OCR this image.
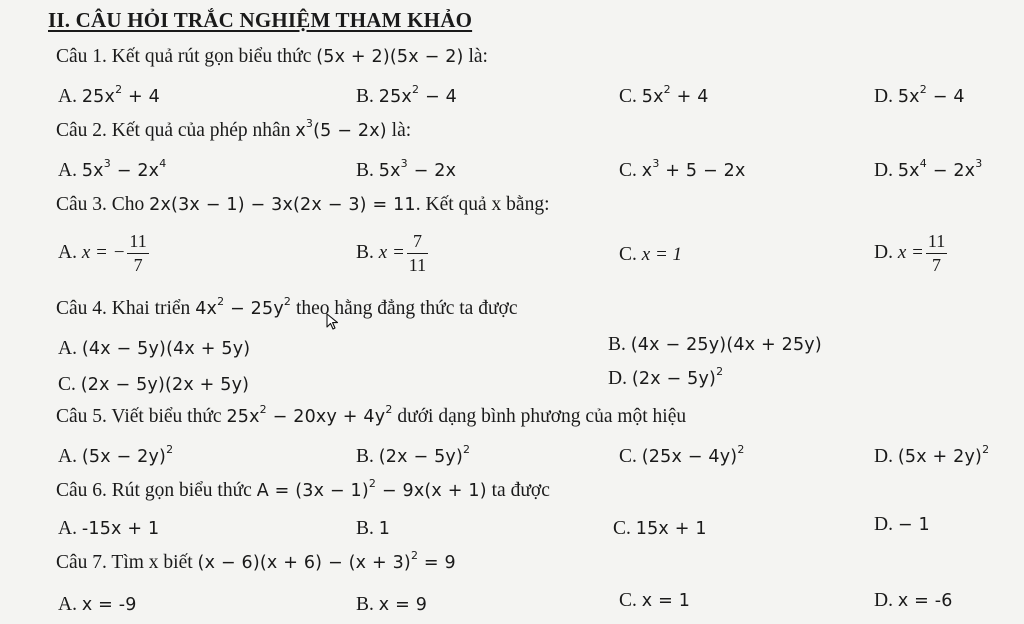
II. CÂU HỎI TRẮC NGHIỆM THAM KHẢO
Câu 1. Kết quả rút gọn biểu thức (5x + 2)(5x − 2) là:
A. $25x^2 + 4$	B. $25x^2 - 4$	C. $5x^2 + 4$	D. $5x^2 - 4$
Câu 2. Kết quả của phép nhân $x^3(5 - 2x)$ là:
A. $5x^3 - 2x^4$	B. $5x^3 - 2x$	C. $x^3 + 5 - 2x$	D. $5x^4 - 2x^3$
Câu 3. Cho 2x(3x − 1) − 3x(2x − 3) = 11. Kết quả x bằng:
A. x = − $\frac{11}{7}$	B. $x = \frac{7}{11}$	C. x = 1	D. $x = \frac{11}{7}$
Câu 4. Khai triển $4x^2 - 25y^2$ theo hằng đẳng thức ta được
A. (4x − 5y)(4x + 5y)	B. (4x − 25y)(4x + 25y)
C. (2x − 5y)(2x + 5y)	D. $(2x - 5y)^2$
Câu 5. Viết biểu thức $25x^2 - 20xy + 4y^2$ dưới dạng bình phương của một hiệu
A. $(5x - 2y)^2$	B. $(2x - 5y)^2$	C. $(25x - 4y)^2$	D. $(5x + 2y)^2$
Câu 6. Rút gọn biểu thức $A = (3x - 1)^2 - 9x(x + 1)$ ta được
A. -15x + 1	B. 1	C. 15x + 1	D. − 1
Câu 7. Tìm x biết $(x - 6)(x + 6) - (x + 3)^2 = 9$
A. x = -9	B. x = 9	C. x = 1	D. x = -6
